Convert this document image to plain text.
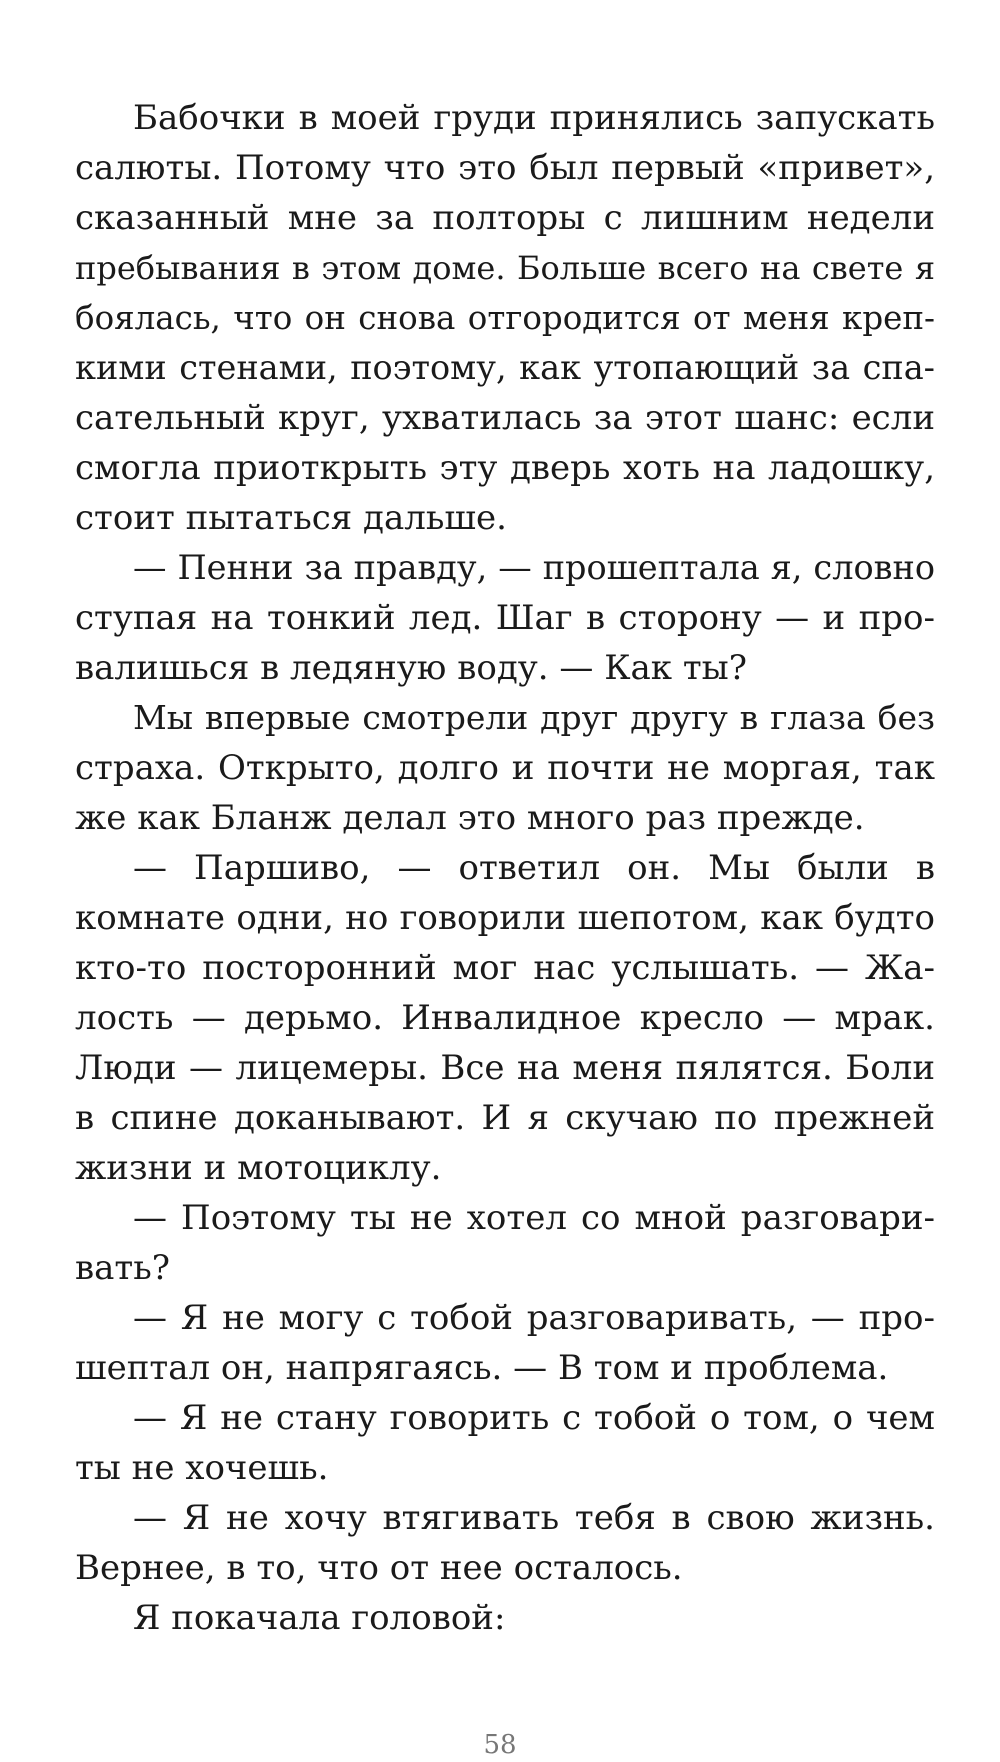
Бабочки в моей груди принялись запускать
салюты. Потому что это был первый «привет»,
сказанный мне за полторы с лишним недели
пребывания в этом доме. Больше всего на свете я
боялась, что он снова отгородится от меня креп-
кими стенами, поэтому, как утопающий за спа-
сательный круг, ухватилась за этот шанс: если
смогла приоткрыть эту дверь хоть на ладошку,
стоит пытаться дальше.
— Пенни за правду, — прошептала я, словно
ступая на тонкий лед. Шаг в сторону — и про-
валишься в ледяную воду. — Как ты?
Мы впервые смотрели друг другу в глаза без
страха. Открыто, долго и почти не моргая, так
же как Бланж делал это много раз прежде.
— Паршиво, — ответил он. Мы были в
комнате одни, но говорили шепотом, как будто
кто-то посторонний мог нас услышать. — Жа-
лость — дерьмо. Инвалидное кресло — мрак.
Люди — лицемеры. Все на меня пялятся. Боли
в спине доканывают. И я скучаю по прежней
жизни и мотоциклу.
— Поэтому ты не хотел со мной разговари-
вать?
— Я не могу с тобой разговаривать, — про-
шептал он, напрягаясь. — В том и проблема.
— Я не стану говорить с тобой о том, о чем
ты не хочешь.
— Я не хочу втягивать тебя в свою жизнь.
Вернее, в то, что от нее осталось.
Я покачала головой:
58
